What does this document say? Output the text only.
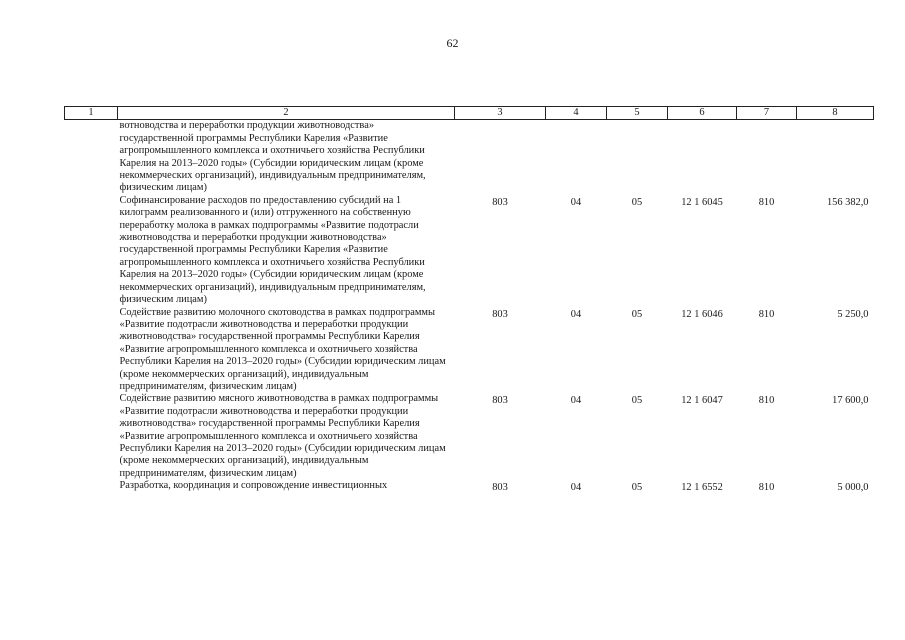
62
1	2	3	4	5	6	7	8
	вотноводства и переработки продукции животноводства» государственной программы Республики Карелия «Развитие агропромышленного комплекса и охотничьего хозяйства Республики Карелия на 2013–2020 годы» (Субсидии юридическим лицам (кроме некоммерческих организаций), индивидуальным предпринимателям, физическим лицам)						
	Софинансирование расходов по предоставлению субсидий на 1 килограмм реализованного и (или) отгруженного на собственную переработку молока в рамках подпрограммы «Развитие подотрасли животноводства и переработки продукции животноводства» государственной программы Республики Карелия «Развитие агропромышленного комплекса и охотничьего хозяйства Республики Карелия на 2013–2020 годы» (Субсидии юридическим лицам (кроме некоммерческих организаций), индивидуальным предпринимателям, физическим лицам)	803	04	05	12 1 6045	810	156 382,0
	Содействие развитию молочного скотоводства в рамках подпрограммы «Развитие подотрасли животноводства и переработки продукции животноводства» государственной программы Республики Карелия «Развитие агропромышленного комплекса и охотничьего хозяйства Республики Карелия на 2013–2020 годы» (Субсидии юридическим лицам (кроме некоммерческих организаций), индивидуальным предпринимателям, физическим лицам)	803	04	05	12 1 6046	810	5 250,0
	Содействие развитию мясного животноводства в рамках подпрограммы «Развитие подотрасли животноводства и переработки продукции животноводства» государственной программы Республики Карелия «Развитие агропромышленного комплекса и охотничьего хозяйства Республики Карелия на 2013–2020 годы» (Субсидии юридическим лицам (кроме некоммерческих организаций), индивидуальным предпринимателям, физическим лицам)	803	04	05	12 1 6047	810	17 600,0
	Разработка, координация и сопровождение инвестиционных	803	04	05	12 1 6552	810	5 000,0
